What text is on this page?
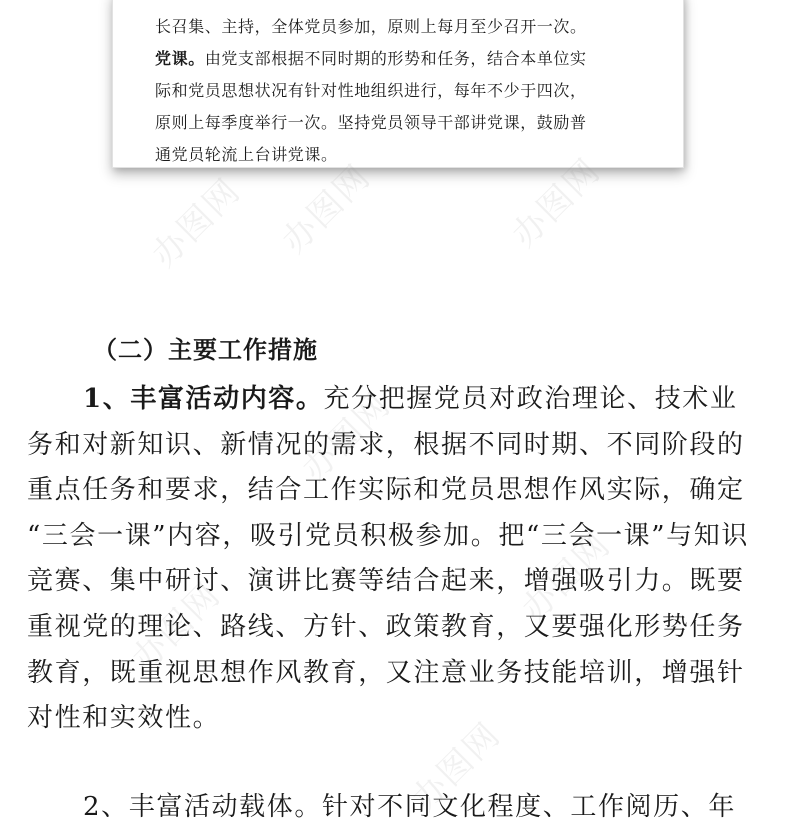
长召集、主持，全体党员参加，原则上每月至少召开一次。
党课。由党支部根据不同时期的形势和任务，结合本单位实
际和党员思想状况有针对性地组织进行，每年不少于四次，
原则上每季度举行一次。坚持党员领导干部讲党课，鼓励普
通党员轮流上台讲党课。
办图网 办图网	办图网
办图网
办图网
办图网
办图网
（二）主要工作措施
1、丰富活动内容。充分把握党员对政治理论、技术业
务和对新知识、新情况的需求，根据不同时期、不同阶段的
重点任务和要求，结合工作实际和党员思想作风实际，确定
“三会一课”内容，吸引党员积极参加。把“三会一课”与知识
竞赛、集中研讨、演讲比赛等结合起来，增强吸引力。既要
重视党的理论、路线、方针、政策教育，又要强化形势任务
教育，既重视思想作风教育，又注意业务技能培训，增强针
对性和实效性。
2、丰富活动载体。针对不同文化程度、工作阅历、年
